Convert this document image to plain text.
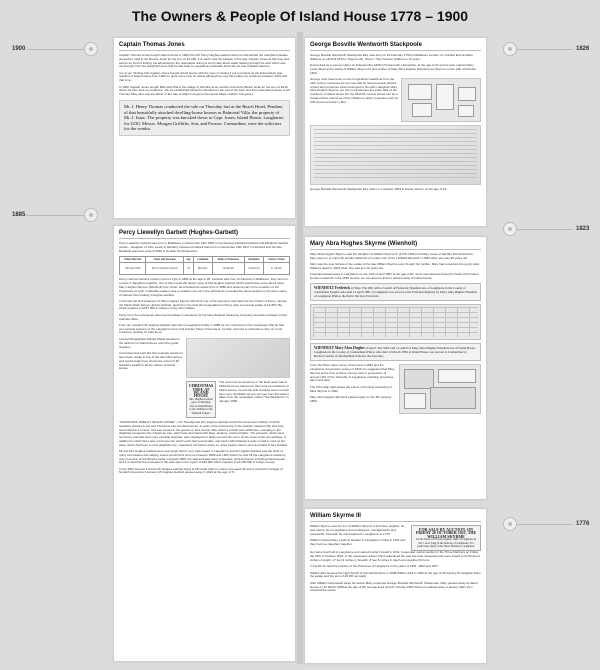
The Owners & People Of Island House 1778 – 1900
1900
1885
1826
1823
1776
Captain Thomas Jones

Captain Thomas Jones bought Island House in 1900 from Mr Percy Hughes-Garbett when he dismantled the Laugharne Estate via auction held at the Browns Hotel for the sum of £1,000. It is said it was the bargain of the day. Captain Jones at this time was said to be fond of fishing. He advertised in the newspaper during a court case about water leading through his land which was not brought from the slaughterhouse that he had lived in Laugharne practically all his life he was a Master Mariner.

It is of our thinking that Captain Jones bought Island House with the view of renting it out to tenants as the Edmondson was resident of Island House from 1900 for quite some time on-wards although he may have taken up residency between 1901 and that time.

In 1900 Captain Jones bought Balmoral Villa in the village of Pendine at an auction held at the Beach Hotel for the sum of £230 where he then took up residence, she he established himself in Pendine for the rest of his days and then sold Island House to Mr Thomas Tilley who was the father of the wife of Major Congreve (Somerset Major-Hudson Congreve).

Mr. J. Henry Thomas conducted the sale on Thursday last at the Beach Hotel, Pendine, of that beautifully attached dwelling-house known as Balmoral Villa, the property of Mr. J. Isaac. The property was knocked down to Capt. Jones, Island House, Laugharne, for £230. Messrs. Morgan Griffiths, Son, and Prosser, Carmarthen, were the solicitors for the vendor.
Percy Llewellyn Garbett (Hughes-Garbett)

Percy Llewellyn Garbett was born in Middlesex on December 13th 1852 to the Reverend Edward Garbett and Elizabeth Garbett (Lewis – Daughter of John Lewis of Henllan). Reverend Garbett was born on December 10th 1817 in Hereford and his wife Elizabeth was born around 1820 in Henllan Pembrokeshire.

When Married	Name and Surname	Age	Condition	Rank or Profession	Residence	Father's Name
16th Sept 1882	Percy Llewellyn Garbett	29	Bachelor	Gentleman	St Pancras	E. Garbett

Percy married Caroline Gordon Lennox Fyfe in 1882 at the age of 29. Caroline was from St Pancras in Middlesex, they went on to have 3 daughters together, one of them used the family name of Mrs Hughes Garbett which would have come about when Mary Hughes Skyrme (Wienholt) from whom he inherited the estate from in 1882 and became part of the condition of the inheritance of such a valuable estate it was a condition set out in the will that he preceded the name Hughes to his given name of Garbett thus making it Hughes-Garbett.

In the last will and testament of Mary Hughes Skyrme Wienholt one of the executors was listed as the brother of Percy, namely the Machynlleth lawyer Herbert Garbett, apart from the land she bequeathed to Percy, also a personal estate of £1,850 15s which equates to £187,000 in todays money with inflation.

Percy from the records we have found worked in insurance for the New Zealand Insurance Company and was manager in their Calcutta office.

From our research Mr Hughes-Garbett returned to Laugharne briefly in 1885 as it is mentioned in the newspaper that he had won several sections of the Laugharne Farm And Garden Show of that week, he then returned to Calcutta to carry on in his insurance position he held there.

Carved lithographed Marble Shield situated in the ballroom of Island House upon the grand fireplace.

Commissioned work like this example would not have been cheap to buy in the late 19th century and would really have shown the extent of Mr Garbett's wealth to all the visitors of Island House.

CHRISTMAS TREE AT ISLAND HOUSE
Mrs. Hughes-Garbett gave a Christmas Tree at Island House to the children of the National School.

The next time he shows up in the local news was in 1890 where we believe for then took up residence at Island House, he and his wife Caroline seem to have been very charitable as you can see from this advert taken from the newspaper called "The Welshman" in January 1890.

"CHRISTMAS TREE AT ISLAND HOUSE" – On Tuesday last Mrs Hughes-Garbett invited the wives and children of all Mr Garbett's tenants to tea and Christmas tree at Island House. In spite of the inclemency of the weather between fifty and sixty assembled at 4 o'clock. Tea was served to the guests on their arrival, after which a curtain was withdrawn, revealing to the delighted youngsters the Christmas tree, which was decorated with flags, lanterns, coloured lights. The presents, which were numerous and had been very carefully selected, were displayed on tables around the room. At the close of the proceedings, in addition to which there was a bran pie into which each had several dips, and each child obtained a prize or had a crack at the party, which had been a most delightful one, organised, but before doing so, three hearty cheers were accorded to Mrs Garbett.

Mr and Mrs Hughes-Garbett were seemingly held in very high regard in Laugharne and Mr Hughes-Garbett was the chair of many committees and judging events around this time too however 1899 and 1900 where he sold off the Laugharne estate by way of auction at the Browns Hotel in August 1900, the sale included many properties, land and farms including Island House and it is said that the proceeds of the sale was in the region of £25,000 which equates to £3,200,000 in todays money.

In the 1901 Census it shows Mr Hughes-Garbett living at 28 Cedar Hall in London now aged 49 and is a branch manager of Norwich Insurance Company Mr Hughes-Garbett passed away in 1924 at the age of 71.

George Bosville Wentworth Stackpoole

George Bosville Wentworth Stackpoole Esq. was born on 24 February 1799 in Middlesex London, he married Emma Maria Williams on 18 April 1816 in Teignmouth, Devon. They had five children in 10 years.

Emma died as a young mother on 8 September 1825 in Portsmouth, Hampshire, at the age of 27 and he later married Mary Lewis Skyrme the widow of William Skyrme III and mother of Mary Abra Hughes Wienholt nee Skyrme on the 14th of October 1826.

George must have been a man of significant wealth as from the 19th century censuses we can see that he rented several parcels of land and properties which belonged to his wife's daughter Mary Abra Hughes Skyrme, we can not determine the exact date of his residency of Island house but the 1841/51 census shows him as a resident there and some of his children in other properties such as Cliff House and Glan y Môr.

George Bosville Wentworth Stackpoole Esq. died on 1 October 1863 in Exeter, Devon, at the age of 64.

Mary Abra Hughes Skyrme (Wienholt)

Mary Abra Hughes Skyrme was the daughter of William Skyrme III (1778–1826) and Mary Lewis of Henllan Pembrokeshire. Mary went on to marry Mr Horatio Wienholt of London son of Mr J Wildell Wienholt in 1849 when she was 35 years old.

Mary was the sole heiress of the estate of the late William Skyrme even though her mother, Mary had remarried into gentry after Williams death in 1823 when she was just 10 years old.

Freehold passed away in Laugharne on the 14th of April 1881 at the age of 82, as he was listed as being the head of the Island House household in the 1881 census, we can assume that he passed away at Island House.

WIENHOLT Frederick 16 May. The Will with a Codicil of Frederick Wienholt late of Laugharne in the County of Carmarthen Esquire who died 14 April 1881 at Laugharne was proved at the Principal Registry by Mary Abra Hughes Wienholt of Laugharne Widow the Relict the Sole Executrix.
WIENHOLT Mary Abra Hughes 16 April. The Will with a Codicil of Mary Abra Hughes Wienholt late of Island House Laugharne in the County of Carmarthen Widow who died 12 March 1882 at Island House was proved at Carmarthen by Herbert Garbett of Machynlleth Solicitor the Executor.

From the Tithe maps survey of the area in 1842 and the Laugharne Corporation survey of 1834 it is suggested that Miss Skyrme at the time of these surveys was in possession of around 10% of the Township of Laugharne including properties, farms and land.

The Tithe Map right shows the extent of the land ownership of Miss Skyrme in 1842.

Mary Abra Hughes Wienholt passed away on the 5th January 1882.

William Skyrme III

William Skyrme was the son of William Skyrme II and Jane Hughes, he was said to be of Laugharne and of Alltygoch, Cardiganshire and Llanuwchll, Cornwall, he was baptised in Laugharne in 1778.

William married Mary Lewis of Henllan in Laugharne in May in 1811 and they had one daughter together.

FOR SALE BY AUCTION, ON FRIDAY 26 OCTOBER 1821, THE WILLIAM SKYRME
A Fine Sloop of 83 tons register, built at Laugharne in 1811, now lying in the harbour of Laugharne. For particulars apply at the Three Mariners, Laugharne.

He had a boat built in Laugharne and named it after himself in 1811. It was later sold at auction in the Three Mariners on Friday the 26th of October 1821, in the newspaper advert which advertised the sale the boat measurements were stated to be 52 feet 2 inches in length, 17 feet 9 inches in breadth, 8 feet 6 inches in depth and weighed 83 tons.

In his life he held the position of the Portreeve of Laugharne in the years of 1801, 1802 and 1817.

William also became the High Sheriff of Carmarthenshire in 1808.William died in 1823 at the age of 45 leaving his daughter Mary the estate and the sum of £5,000 annually.

After William had passed away his widow Mary remarried George Bosville Wentworth Stackpoole, Mary passed away at Island House on 31 March 1858 at the age of 83, George lived until 01 October 1863 where he passed away in Exeter, Mary then inherited the estate.
